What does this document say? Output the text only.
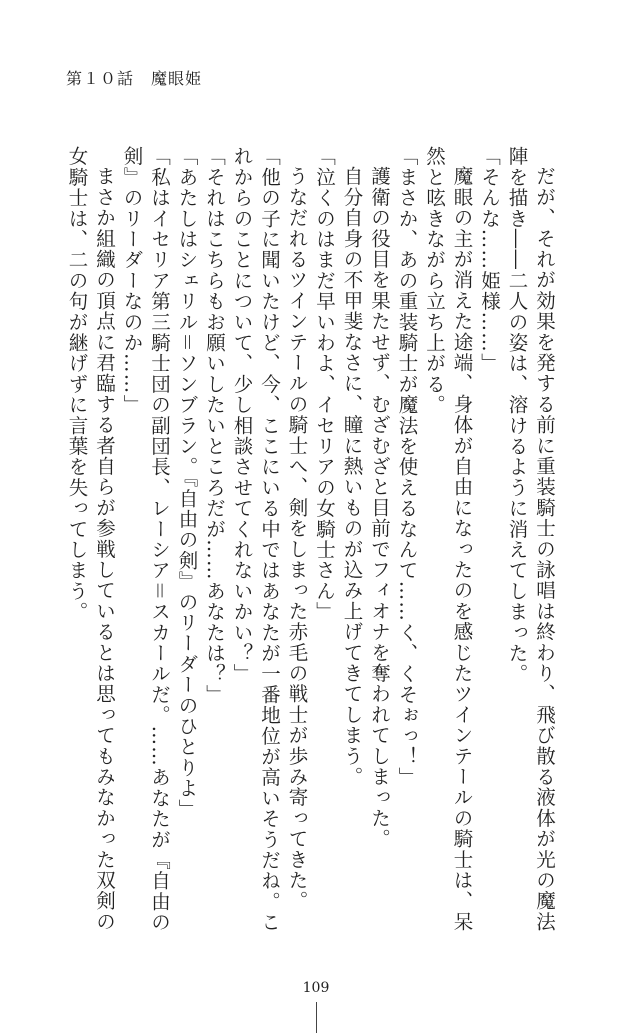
第１０話　魔眼姫

だが、それが効果を発する前に重装騎士の詠唱は終わり、飛び散る液体が光の魔法陣を描き――二人の姿は、溶けるように消えてしまった。

「そんな……姫様……」

魔眼の主が消えた途端、身体が自由になったのを感じたツインテールの騎士は、呆然と呟きながら立ち上がる。

「まさか、あの重装騎士が魔法を使えるなんて……く、くそぉっ！」

護衛の役目を果たせず、むざむざと目前でフィオナを奪われてしまった。

自分自身の不甲斐なさに、瞳に熱いものが込み上げてきてしまう。

「泣くのはまだ早いわよ、イセリアの女騎士さん」

うなだれるツインテールの騎士へ、剣をしまった赤毛の戦士が歩み寄ってきた。

「他の子に聞いたけど、今、ここにいる中ではあなたが一番地位が高いそうだね。これからのことについて、少し相談させてくれないかい？」

「それはこちらもお願いしたいところだが……あなたは？」

「あたしはシェリル＝ソンブラン。『自由の剣』のリーダーのひとりよ」

「私はイセリア第三騎士団の副団長、レーシア＝スカールだ。……あなたが『自由の剣』のリーダーなのか……」

まさか組織の頂点に君臨する者自らが参戦しているとは思ってもみなかった双剣の女騎士は、二の句が継げずに言葉を失ってしまう。

109
